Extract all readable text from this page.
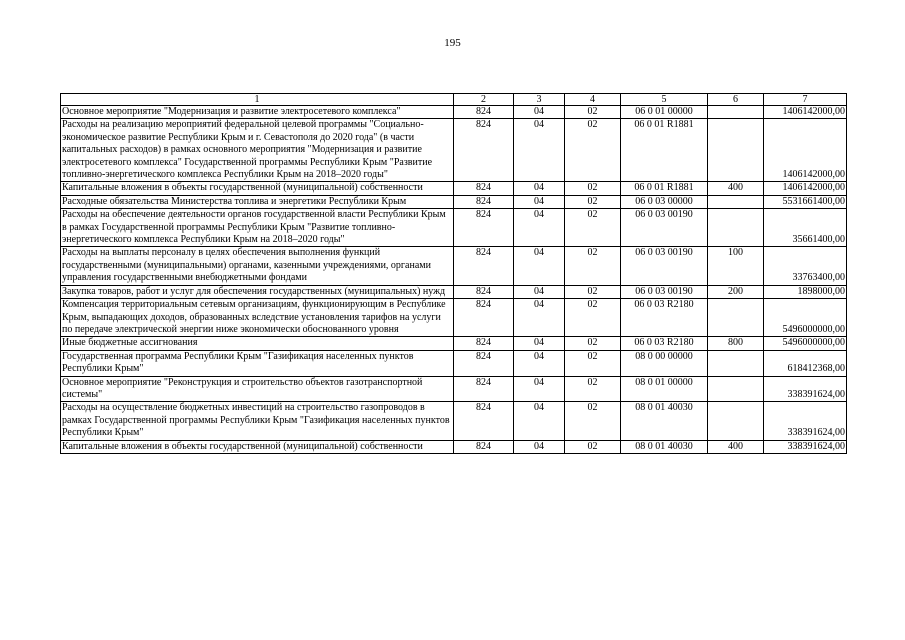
195
1	2	3	4	5	6	7
Основное мероприятие "Модернизация и развитие электросетевого комплекса"	824	04	02	06 0 01 00000		1406142000,00
Расходы на реализацию мероприятий федеральной целевой программы "Социально-экономическое развитие Республики Крым и г. Севастополя до 2020 года" (в части капитальных расходов) в рамках основного мероприятия "Модернизация и развитие электросетевого комплекса" Государственной программы Республики Крым "Развитие топливно-энергетического комплекса Республики Крым на 2018–2020 годы"	824	04	02	06 0 01 R1881		1406142000,00
Капитальные вложения в объекты государственной (муниципальной) собственности	824	04	02	06 0 01 R1881	400	1406142000,00
Расходные обязательства Министерства топлива и энергетики Республики Крым	824	04	02	06 0 03 00000		5531661400,00
Расходы на обеспечение деятельности органов государственной власти Республики Крым в рамках Государственной программы Республики Крым "Развитие топливно-энергетического комплекса Республики Крым на 2018–2020 годы"	824	04	02	06 0 03 00190		35661400,00
Расходы на выплаты персоналу в целях обеспечения выполнения функций государственными (муниципальными) органами, казенными учреждениями, органами управления государственными внебюджетными фондами	824	04	02	06 0 03 00190	100	33763400,00
Закупка товаров, работ и услуг для обеспечения государственных (муниципальных) нужд	824	04	02	06 0 03 00190	200	1898000,00
Компенсация территориальным сетевым организациям, функционирующим в Республике Крым, выпадающих доходов, образованных вследствие установления тарифов на услуги по передаче электрической энергии ниже экономически обоснованного уровня	824	04	02	06 0 03 R2180		5496000000,00
Иные бюджетные ассигнования	824	04	02	06 0 03 R2180	800	5496000000,00
Государственная программа Республики Крым "Газификация населенных пунктов Республики Крым"	824	04	02	08 0 00 00000		618412368,00
Основное мероприятие "Реконструкция и строительство объектов газотранспортной системы"	824	04	02	08 0 01 00000		338391624,00
Расходы на осуществление бюджетных инвестиций на строительство газопроводов в рамках Государственной программы Республики Крым "Газификация населенных пунктов Республики Крым"	824	04	02	08 0 01 40030		338391624,00
Капитальные вложения в объекты государственной (муниципальной) собственности	824	04	02	08 0 01 40030	400	338391624,00
